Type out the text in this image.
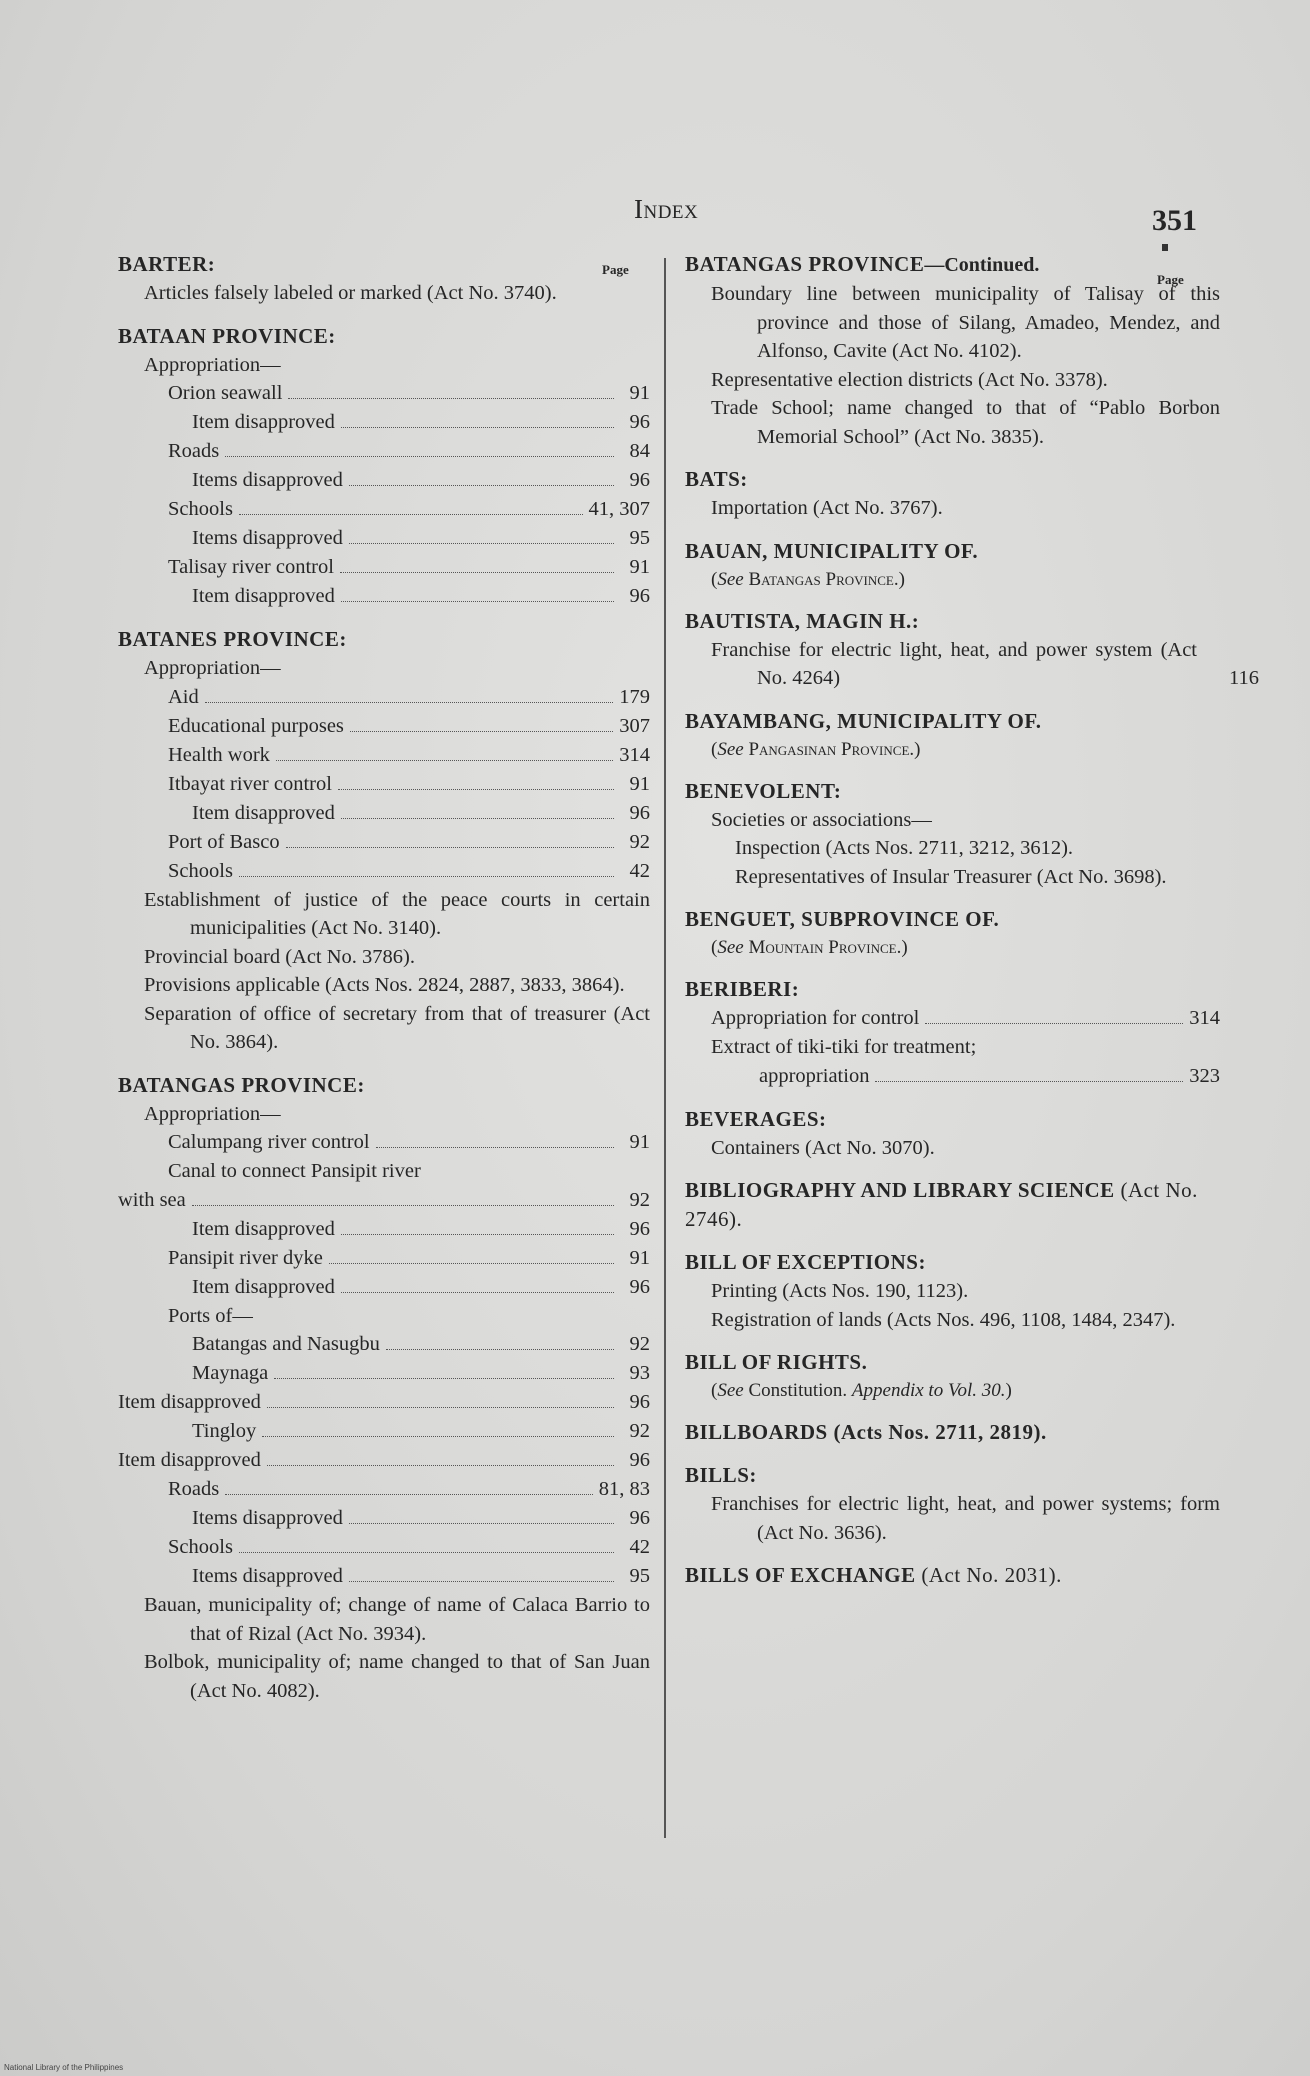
Index	351
Page
BARTER:
Articles falsely labeled or marked (Act No. 3740).
BATAAN PROVINCE:
Appropriation—
Orion seawall	91
Item disapproved	96
Roads	84
Items disapproved	96
Schools	41, 307
Items disapproved	95
Talisay river control	91
Item disapproved	96
BATANES PROVINCE:
Appropriation—
Aid	179
Educational purposes	307
Health work	314
Itbayat river control	91
Item disapproved	96
Port of Basco	92
Schools	42
Establishment of justice of the peace courts in certain municipalities (Act No. 3140).
Provincial board (Act No. 3786).
Provisions applicable (Acts Nos. 2824, 2887, 3833, 3864).
Separation of office of secretary from that of treasurer (Act No. 3864).
BATANGAS PROVINCE:
Appropriation—
Calumpang river control	91
Canal to connect Pansipit river
with sea	92
Item disapproved	96
Pansipit river dyke	91
Item disapproved	96
Ports of—
Batangas and Nasugbu	92
Maynaga	93
Item disapproved	96
Tingloy	92
Item disapproved	96
Roads	81, 83
Items disapproved	96
Schools	42
Items disapproved	95
Bauan, municipality of; change of name of Calaca Barrio to that of Rizal (Act No. 3934).
Bolbok, municipality of; name changed to that of San Juan (Act No. 4082).
Page
BATANGAS PROVINCE—Continued.
Boundary line between municipality of Talisay of this province and those of Silang, Amadeo, Mendez, and Alfonso, Cavite (Act No. 4102).
Representative election districts (Act No. 3378).
Trade School; name changed to that of “Pablo Borbon Memorial School” (Act No. 3835).
BATS:
Importation (Act No. 3767).
BAUAN, MUNICIPALITY OF.
(See Batangas Province.)
BAUTISTA, MAGIN H.:
Franchise for electric light, heat, and power system (Act No. 4264)	116
BAYAMBANG, MUNICIPALITY OF.
(See Pangasinan Province.)
BENEVOLENT:
Societies or associations—
Inspection (Acts Nos. 2711, 3212, 3612).
Representatives of Insular Treasurer (Act No. 3698).
BENGUET, SUBPROVINCE OF.
(See Mountain Province.)
BERIBERI:
Appropriation for control	314
Extract of tiki-tiki for treatment;
appropriation	323
BEVERAGES:
Containers (Act No. 3070).
BIBLIOGRAPHY AND LIBRARY SCIENCE (Act No. 2746).
BILL OF EXCEPTIONS:
Printing (Acts Nos. 190, 1123).
Registration of lands (Acts Nos. 496, 1108, 1484, 2347).
BILL OF RIGHTS.
(See Constitution. Appendix to Vol. 30.)
BILLBOARDS (Acts Nos. 2711, 2819).
BILLS:
Franchises for electric light, heat, and power systems; form (Act No. 3636).
BILLS OF EXCHANGE (Act No. 2031).
National Library of the Philippines
